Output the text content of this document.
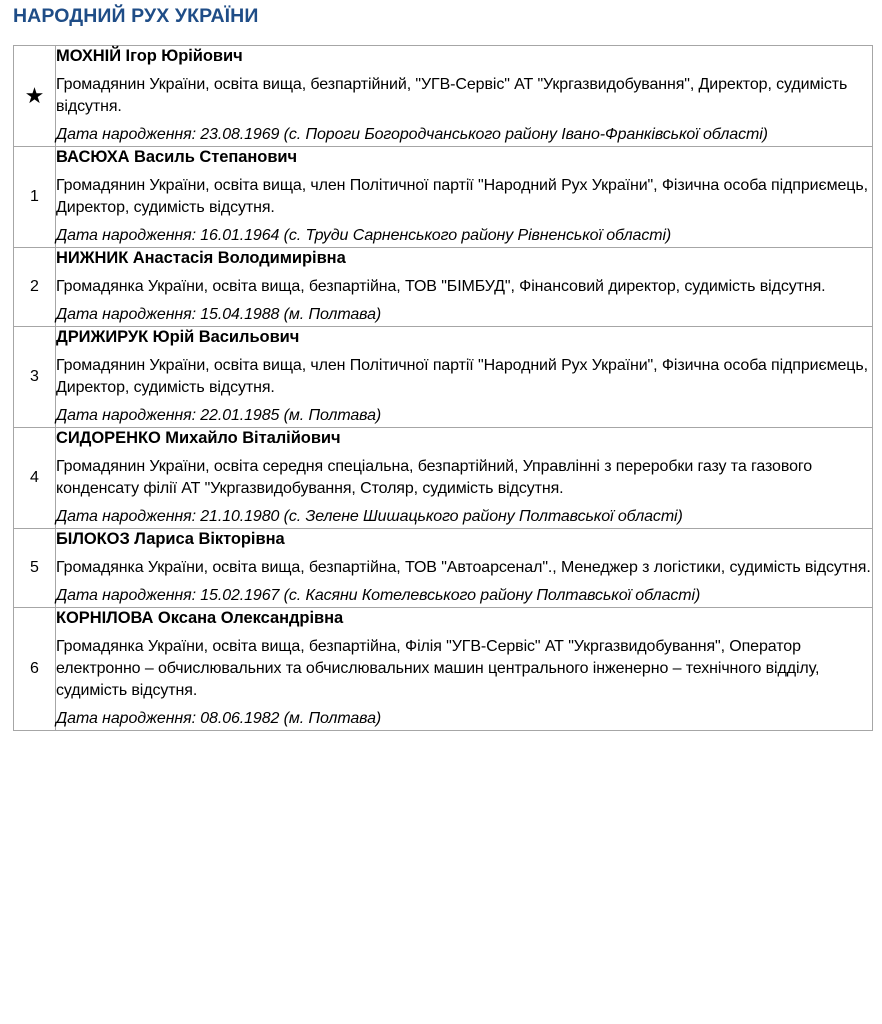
НАРОДНИЙ РУХ УКРАЇНИ
★	МОХНІЙ Ігор Юрійович
Громадянин України, освіта вища, безпартійний, "УГВ-Сервіс" АТ "Укргазвидобування", Директор, судимість відсутня.
Дата народження: 23.08.1969 (с. Пороги Богородчанського району Івано-Франківської області)

1	ВАСЮХА Василь Степанович
Громадянин України, освіта вища, член Політичної партії "Народний Рух України", Фізична особа підприємець, Директор, судимість відсутня.
Дата народження: 16.01.1964 (с. Труди Сарненського району Рівненської області)

2	НИЖНИК Анастасія Володимирівна
Громадянка України, освіта вища, безпартійна, ТОВ "БІМБУД", Фінансовий директор, судимість відсутня.
Дата народження: 15.04.1988 (м. Полтава)

3	ДРИЖИРУК Юрій Васильович
Громадянин України, освіта вища, член Політичної партії "Народний Рух України", Фізична особа підприємець, Директор, судимість відсутня.
Дата народження: 22.01.1985 (м. Полтава)

4	СИДОРЕНКО Михайло Віталійович
Громадянин України, освіта середня спеціальна, безпартійний, Управлінні з переробки газу та газового конденсату філії АТ "Укргазвидобування, Столяр, судимість відсутня.
Дата народження: 21.10.1980 (с. Зелене Шишацького району Полтавської області)

5	БІЛОКОЗ Лариса Вікторівна
Громадянка України, освіта вища, безпартійна, ТОВ "Автоарсенал"., Менеджер з логістики, судимість відсутня.
Дата народження: 15.02.1967 (с. Касяни Котелевського району Полтавської області)

6	КОРНІЛОВА Оксана Олександрівна
Громадянка України, освіта вища, безпартійна, Філія "УГВ-Сервіс" АТ "Укргазвидобування", Оператор електронно – обчислювальних та обчислювальних машин центрального інженерно – технічного відділу, судимість відсутня.
Дата народження: 08.06.1982 (м. Полтава)
